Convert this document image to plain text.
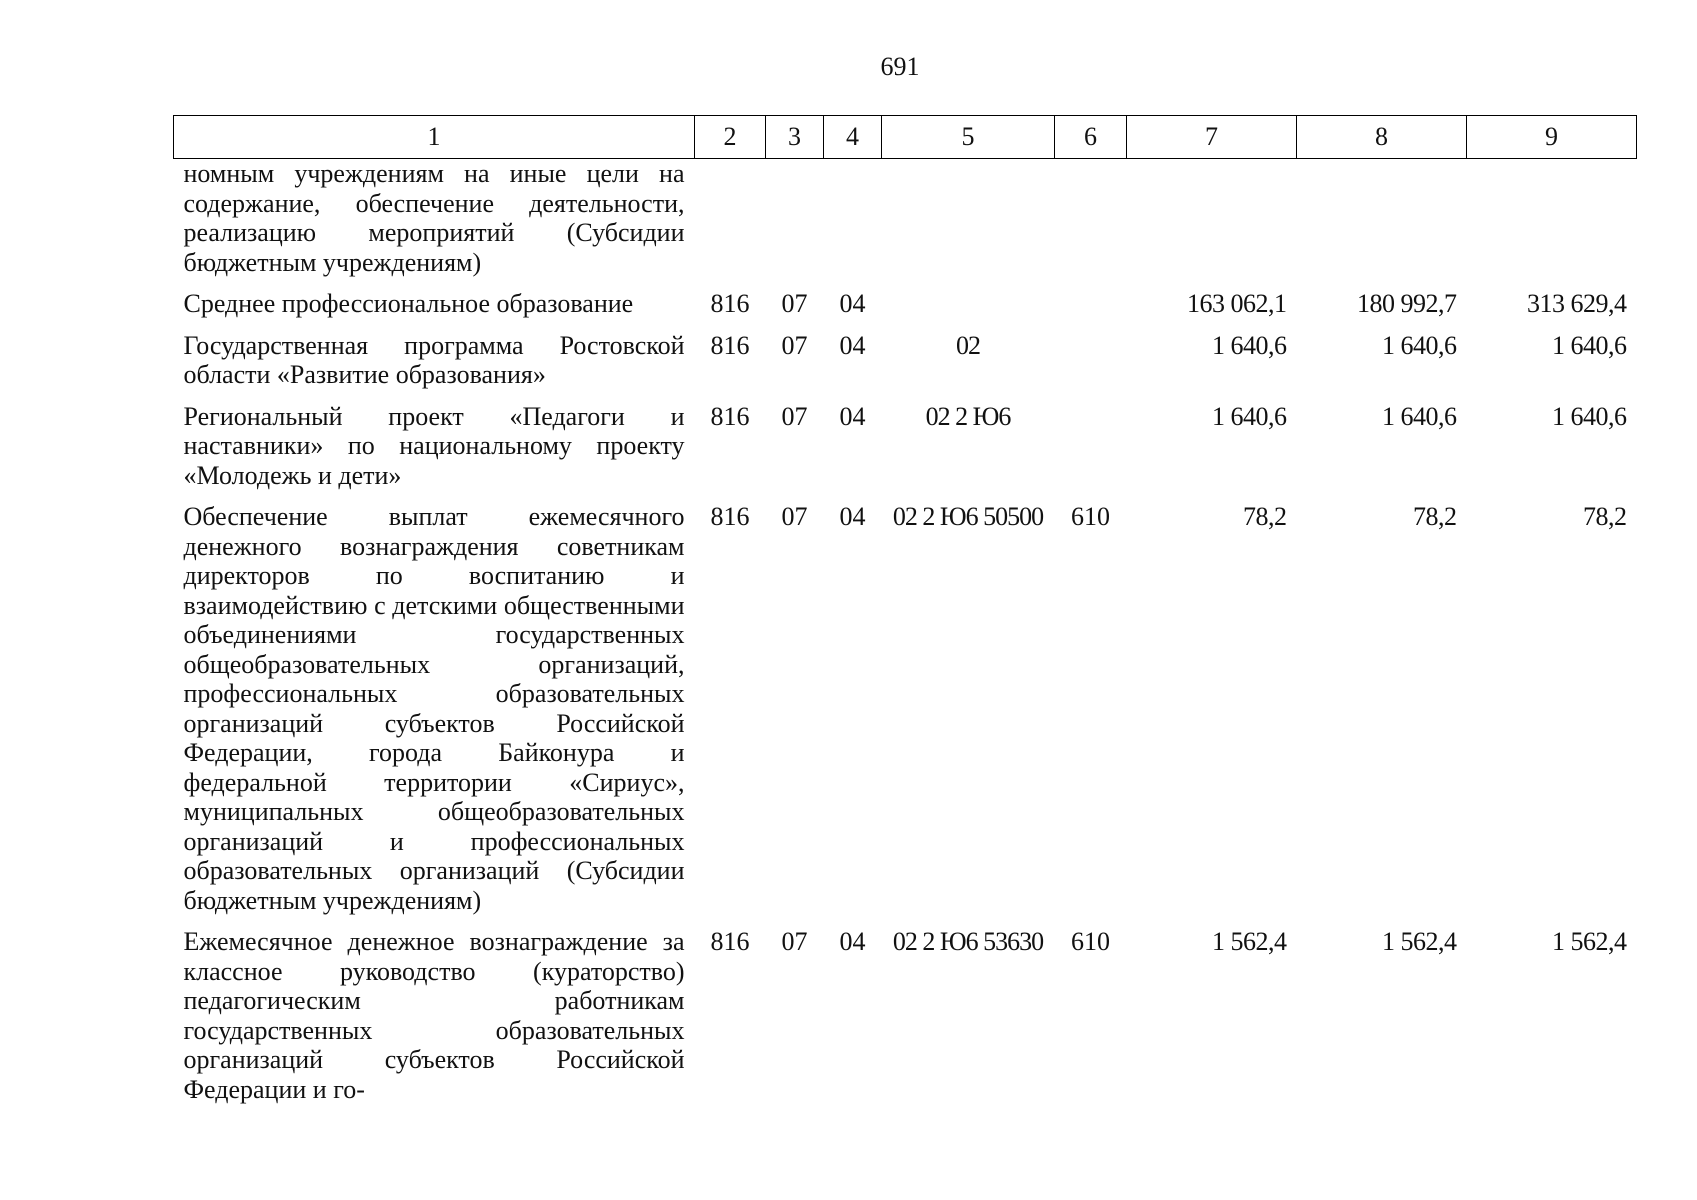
691
1	2	3	4	5	6	7	8	9
номным учреждениям на иные цели на содержание, обеспечение деятельности, реализацию мероприятий (Субсидии бюджетным учреждениям)								
Среднее профессиональное образование	816	07	04			163 062,1	180 992,7	313 629,4
Государственная программа Ростовской области «Развитие образования»	816	07	04	02		1 640,6	1 640,6	1 640,6
Региональный проект «Педагоги и наставники» по национальному проекту «Молодежь и дети»	816	07	04	02 2 Ю6		1 640,6	1 640,6	1 640,6
Обеспечение выплат ежемесячного денежного вознаграждения советникам директоров по воспитанию и взаимодействию с детскими общественными объединениями государственных общеобразовательных организаций, профессиональных образовательных организаций субъектов Российской Федерации, города Байконура и федеральной территории «Сириус», муниципальных общеобразовательных организаций и профессиональных образовательных организаций (Субсидии бюджетным учреждениям)	816	07	04	02 2 Ю6 50500	610	78,2	78,2	78,2
Ежемесячное денежное вознаграждение за классное руководство (кураторство) педагогическим работникам государственных образовательных организаций субъектов Российской Федерации и го-	816	07	04	02 2 Ю6 53630	610	1 562,4	1 562,4	1 562,4
